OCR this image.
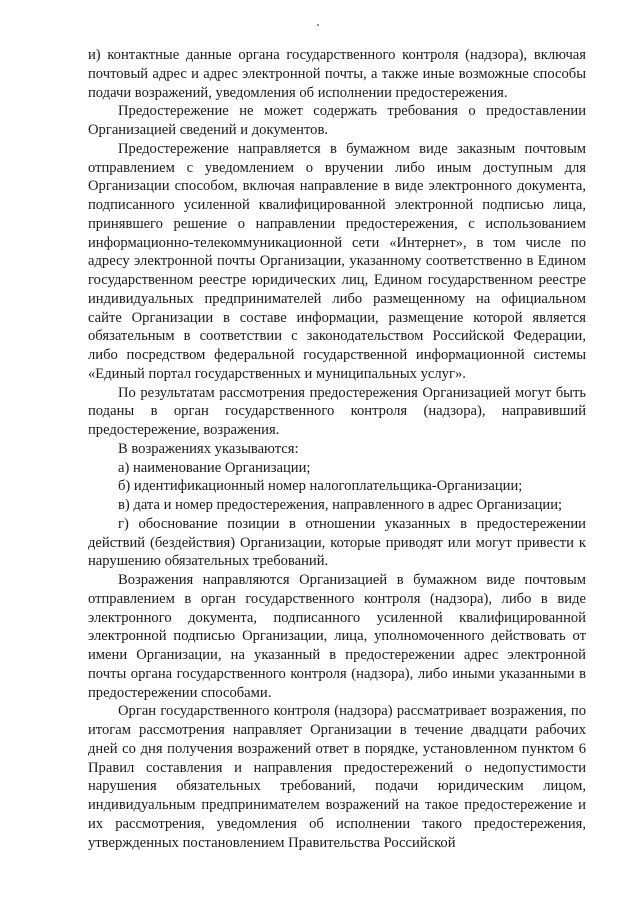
и) контактные данные органа государственного контроля (надзора), включая почтовый адрес и адрес электронной почты, а также иные возможные способы подачи возражений, уведомления об исполнении предостережения.

Предостережение не может содержать требования о предоставлении Организацией сведений и документов.

Предостережение направляется в бумажном виде заказным почтовым отправлением с уведомлением о вручении либо иным доступным для Организации способом, включая направление в виде электронного документа, подписанного усиленной квалифицированной электронной подписью лица, принявшего решение о направлении предостережения, с использованием информационно-телекоммуникационной сети «Интернет», в том числе по адресу электронной почты Организации, указанному соответственно в Едином государственном реестре юридических лиц, Едином государственном реестре индивидуальных предпринимателей либо размещенному на официальном сайте Организации в составе информации, размещение которой является обязательным в соответствии с законодательством Российской Федерации, либо посредством федеральной государственной информационной системы «Единый портал государственных и муниципальных услуг».

По результатам рассмотрения предостережения Организацией могут быть поданы в орган государственного контроля (надзора), направивший предостережение, возражения.

В возражениях указываются:

а) наименование Организации;

б) идентификационный номер налогоплательщика-Организации;

в) дата и номер предостережения, направленного в адрес Организации;

г) обоснование позиции в отношении указанных в предостережении действий (бездействия) Организации, которые приводят или могут привести к нарушению обязательных требований.

Возражения направляются Организацией в бумажном виде почтовым отправлением в орган государственного контроля (надзора), либо в виде электронного документа, подписанного усиленной квалифицированной электронной подписью Организации, лица, уполномоченного действовать от имени Организации, на указанный в предостережении адрес электронной почты органа государственного контроля (надзора), либо иными указанными в предостережении способами.

Орган государственного контроля (надзора) рассматривает возражения, по итогам рассмотрения направляет Организации в течение двадцати рабочих дней со дня получения возражений ответ в порядке, установленном пунктом 6 Правил составления и направления предостережений о недопустимости нарушения обязательных требований, подачи юридическим лицом, индивидуальным предпринимателем возражений на такое предостережение и их рассмотрения, уведомления об исполнении такого предостережения, утвержденных постановлением Правительства Российской
